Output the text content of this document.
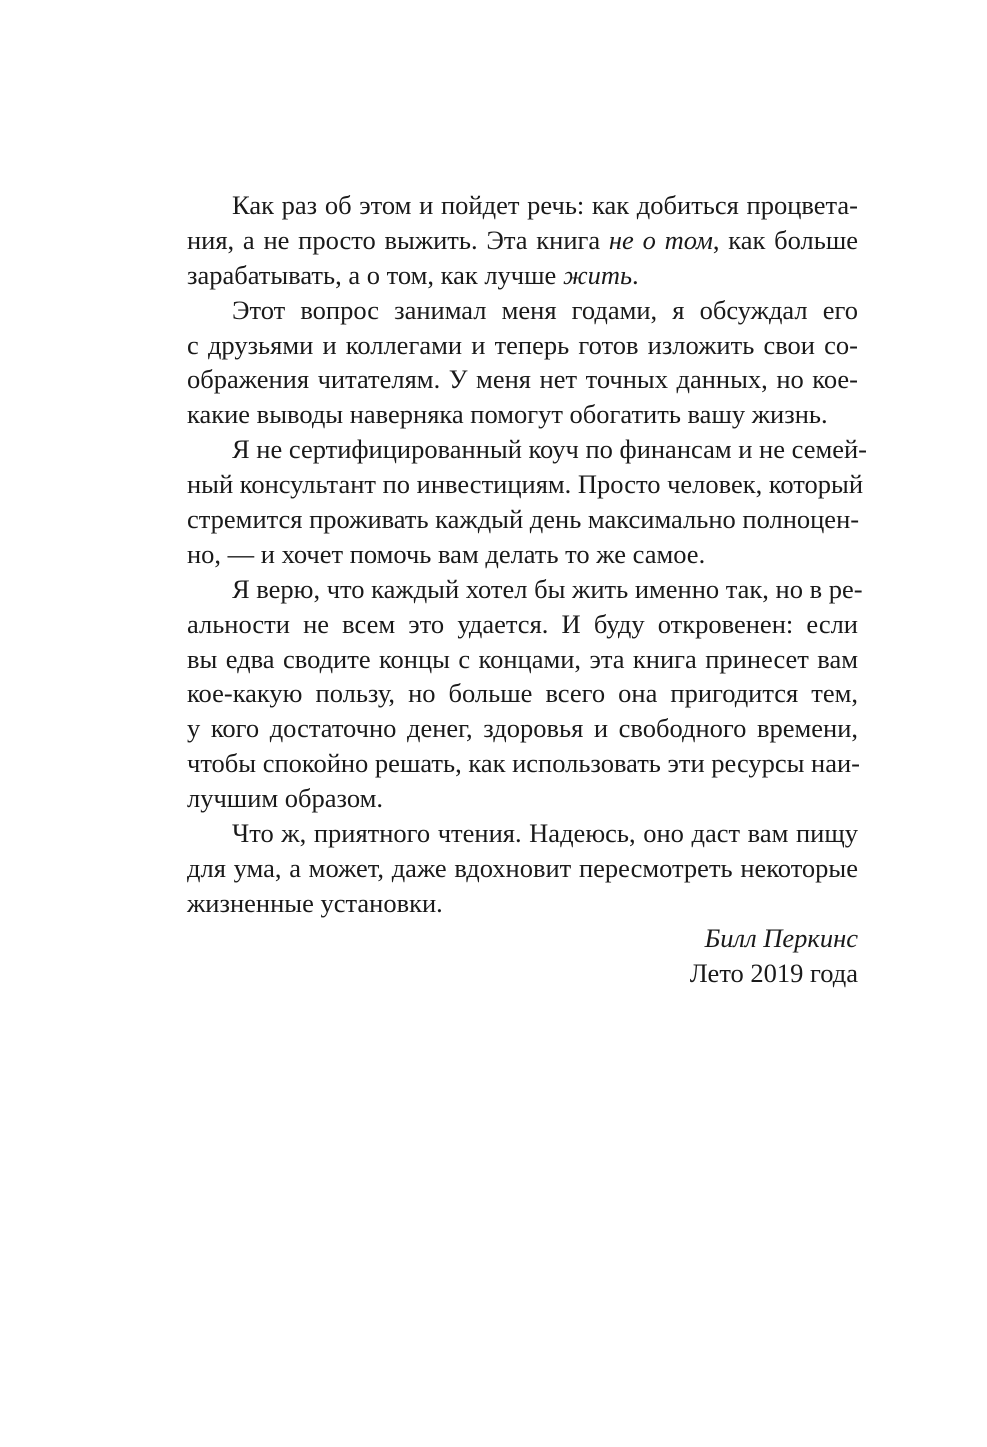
Как раз об этом и пойдет речь: как добиться процвета-
ния, а не просто выжить. Эта книга не о том, как больше
зарабатывать, а о том, как лучше жить.
Этот вопрос занимал меня годами, я обсуждал его
с друзьями и коллегами и теперь готов изложить свои со-
ображения читателям. У меня нет точных данных, но кое-
какие выводы наверняка помогут обогатить вашу жизнь.
Я не сертифицированный коуч по финансам и не семей-
ный консультант по инвестициям. Просто человек, который
стремится проживать каждый день максимально полноцен-
но, — и хочет помочь вам делать то же самое.
Я верю, что каждый хотел бы жить именно так, но в ре-
альности не всем это удается. И буду откровенен: если
вы едва сводите концы с концами, эта книга принесет вам
кое-какую пользу, но больше всего она пригодится тем,
у кого достаточно денег, здоровья и свободного времени,
чтобы спокойно решать, как использовать эти ресурсы наи-
лучшим образом.
Что ж, приятного чтения. Надеюсь, оно даст вам пищу
для ума, а может, даже вдохновит пересмотреть некоторые
жизненные установки.
Билл Перкинс
Лето 2019 года
